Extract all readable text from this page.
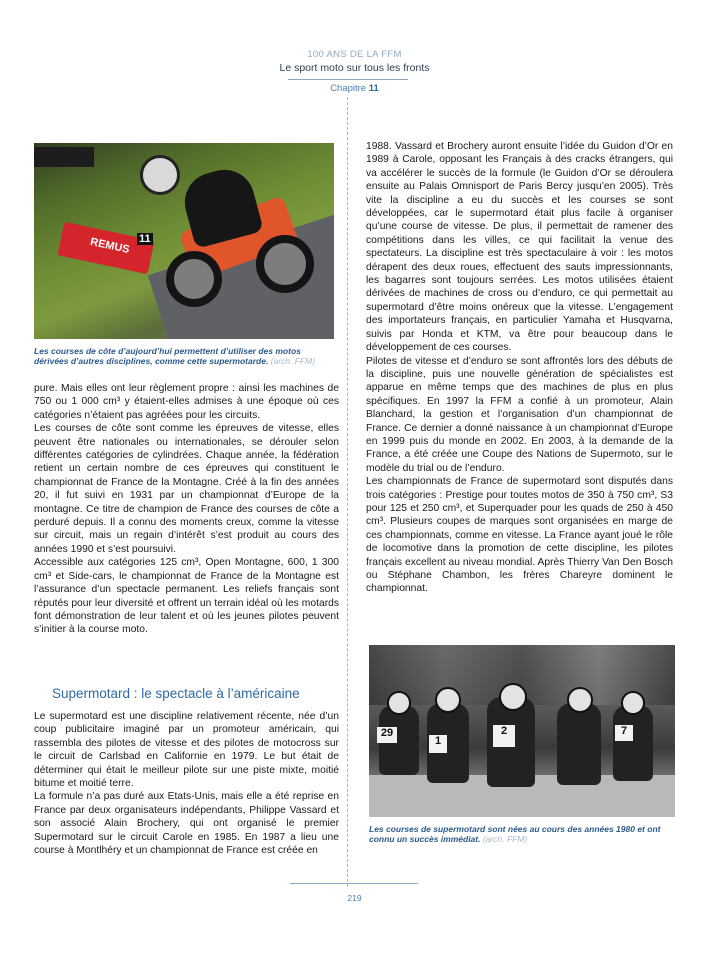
100 ANS DE LA FFM
Le sport moto sur tous les fronts
Chapitre 11
REMUS 11
Les courses de côte d’aujourd’hui permettent d’utiliser des motos dérivées d’autres disciplines, comme cette supermotarde. (arch. FFM)

pure. Mais elles ont leur règlement propre : ainsi les machines de 750 ou 1 000 cm³ y étaient-elles admises à une époque où ces catégories n’étaient pas agréées pour les circuits.

Les courses de côte sont comme les épreuves de vitesse, elles peuvent être nationales ou internationales, se dérouler selon différentes catégories de cylindrées. Chaque année, la fédération retient un certain nombre de ces épreuves qui constituent le championnat de France de la Montagne. Créé à la fin des années 20, il fut suivi en 1931 par un championnat d’Europe de la montagne. Ce titre de champion de France des courses de côte a perduré depuis. Il a connu des moments creux, comme la vitesse sur circuit, mais un regain d’intérêt s’est produit au cours des années 1990 et s’est poursuivi.

Accessible aux catégories 125 cm³, Open Montagne, 600, 1 300 cm³ et Side-cars, le championnat de France de la Montagne est l’assurance d’un spectacle permanent. Les reliefs français sont réputés pour leur diversité et offrent un terrain idéal où les motards font démonstration de leur talent et où les jeunes pilotes peuvent s’initier à la course moto.

Supermotard : le spectacle à l’américaine

Le supermotard est une discipline relativement récente, née d’un coup publicitaire imaginé par un promoteur américain, qui rassembla des pilotes de vitesse et des pilotes de motocross sur le circuit de Carlsbad en Californie en 1979. Le but était de déterminer qui était le meilleur pilote sur une piste mixte, moitié bitume et moitié terre.

La formule n’a pas duré aux Etats-Unis, mais elle a été reprise en France par deux organisateurs indépendants, Philippe Vassard et son associé Alain Brochery, qui ont organisé le premier Supermotard sur le circuit Carole en 1985. En 1987 a lieu une course à Montlhéry et un championnat de France est créée en

1988. Vassard et Brochery auront ensuite l’idée du Guidon d’Or en 1989 à Carole, opposant les Français à des cracks étrangers, qui va accélérer le succès de la formule (le Guidon d’Or se déroulera ensuite au Palais Omnisport de Paris Bercy jusqu’en 2005). Très vite la discipline a eu du succès et les courses se sont développées, car le supermotard était plus facile à organiser qu’une course de vitesse. De plus, il permettait de ramener des compétitions dans les villes, ce qui facilitait la venue des spectateurs. La discipline est très spectaculaire à voir : les motos dérapent des deux roues, effectuent des sauts impressionnants, les bagarres sont toujours serrées. Les motos utilisées étaient dérivées de machines de cross ou d’enduro, ce qui permettait au supermotard d’être moins onéreux que la vitesse. L’engagement des importateurs français, en particulier Yamaha et Husqvarna, suivis par Honda et KTM, va être pour beaucoup dans le développement de ces courses.

Pilotes de vitesse et d’enduro se sont affrontés lors des débuts de la discipline, puis une nouvelle génération de spécialistes est apparue en même temps que des machines de plus en plus spécifiques. En 1997 la FFM a confié à un promoteur, Alain Blanchard, la gestion et l’organisation d’un championnat de France. Ce dernier a donné naissance à un championnat d’Europe en 1999 puis du monde en 2002. En 2003, à la demande de la France, a été créée une Coupe des Nations de Supermoto, sur le modèle du trial ou de l’enduro.

Les championnats de France de supermotard sont disputés dans trois catégories : Prestige pour toutes motos de 350 à 750 cm³, S3 pour 125 et 250 cm³, et Superquader pour les quads de 250 à 450 cm³. Plusieurs coupes de marques sont organisées en marge de ces championnats, comme en vitesse. La France ayant joué le rôle de locomotive dans la promotion de cette discipline, les pilotes français excellent au niveau mondial. Après Thierry Van Den Bosch ou Stéphane Chambon, les frères Chareyre dominent le championnat.

29
1
2	7
Les courses de supermotard sont nées au cours des années 1980 et ont connu un succès immédiat. (arch. FFM)
219
